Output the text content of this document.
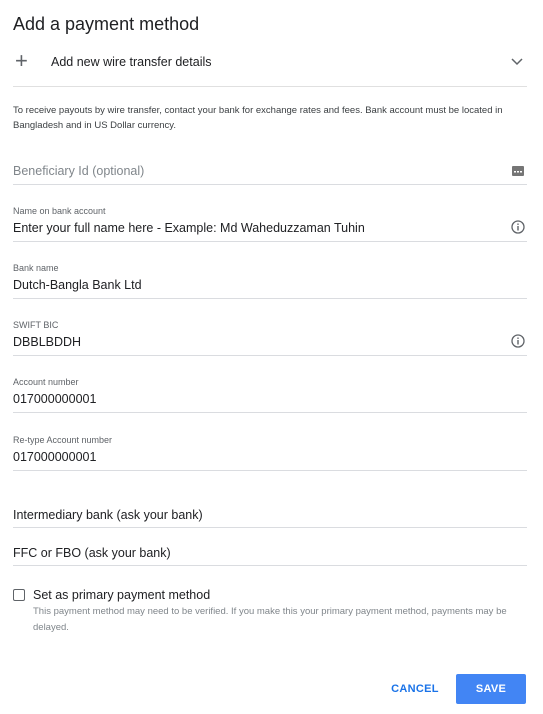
Add a payment method
+ Add new wire transfer details
To receive payouts by wire transfer, contact your bank for exchange rates and fees. Bank account must be located in Bangladesh and in US Dollar currency.
Beneficiary Id (optional)
Name on bank account
Enter your full name here - Example: Md Waheduzzaman Tuhin
Bank name
Dutch-Bangla Bank Ltd
SWIFT BIC
DBBLBDDH
Account number
017000000001
Re-type Account number
017000000001
Intermediary bank (ask your bank)
FFC or FBO (ask your bank)
Set as primary payment method
This payment method may need to be verified. If you make this your primary payment method, payments may be delayed.
CANCEL	SAVE
